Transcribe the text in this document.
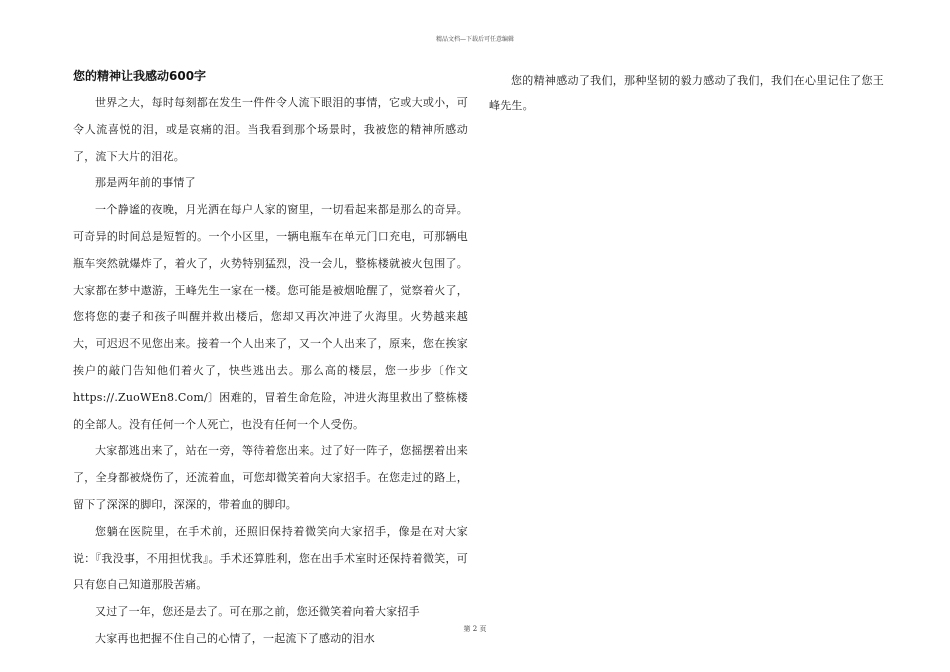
精品文档—下载后可任意编辑
您的精神让我感动600字

世界之大，每时每刻都在发生一件件令人流下眼泪的事情，它或大或小，可令人流喜悦的泪，或是哀痛的泪。当我看到那个场景时，我被您的精神所感动了，流下大片的泪花。

那是两年前的事情了

一个静谧的夜晚，月光洒在每户人家的窗里，一切看起来都是那么的奇异。可奇异的时间总是短暂的。一个小区里，一辆电瓶车在单元门口充电，可那辆电瓶车突然就爆炸了，着火了，火势特别猛烈，没一会儿，整栋楼就被火包围了。大家都在梦中遨游，王峰先生一家在一楼。您可能是被烟呛醒了，觉察着火了，您将您的妻子和孩子叫醒并救出楼后，您却又再次冲进了火海里。火势越来越大，可迟迟不见您出来。接着一个人出来了，又一个人出来了，原来，您在挨家挨户的敲门告知他们着火了，快些逃出去。那么高的楼层，您一步步〔作文https://.ZuoWEn8.Com/〕困难的，冒着生命危险，冲进火海里救出了整栋楼的全部人。没有任何一个人死亡，也没有任何一个人受伤。

大家都逃出来了，站在一旁，等待着您出来。过了好一阵子，您摇摆着出来了，全身都被烧伤了，还流着血，可您却微笑着向大家招手。在您走过的路上，留下了深深的脚印，深深的，带着血的脚印。

您躺在医院里，在手术前，还照旧保持着微笑向大家招手，像是在对大家说：『我没事，不用担忧我』。手术还算胜利，您在出手术室时还保持着微笑，可只有您自己知道那股苦痛。

又过了一年，您还是去了。可在那之前，您还微笑着向着大家招手

大家再也把握不住自己的心情了，一起流下了感动的泪水

您的精神感动了我们，那种坚韧的毅力感动了我们，我们在心里记住了您王峰先生。

第 2 页
